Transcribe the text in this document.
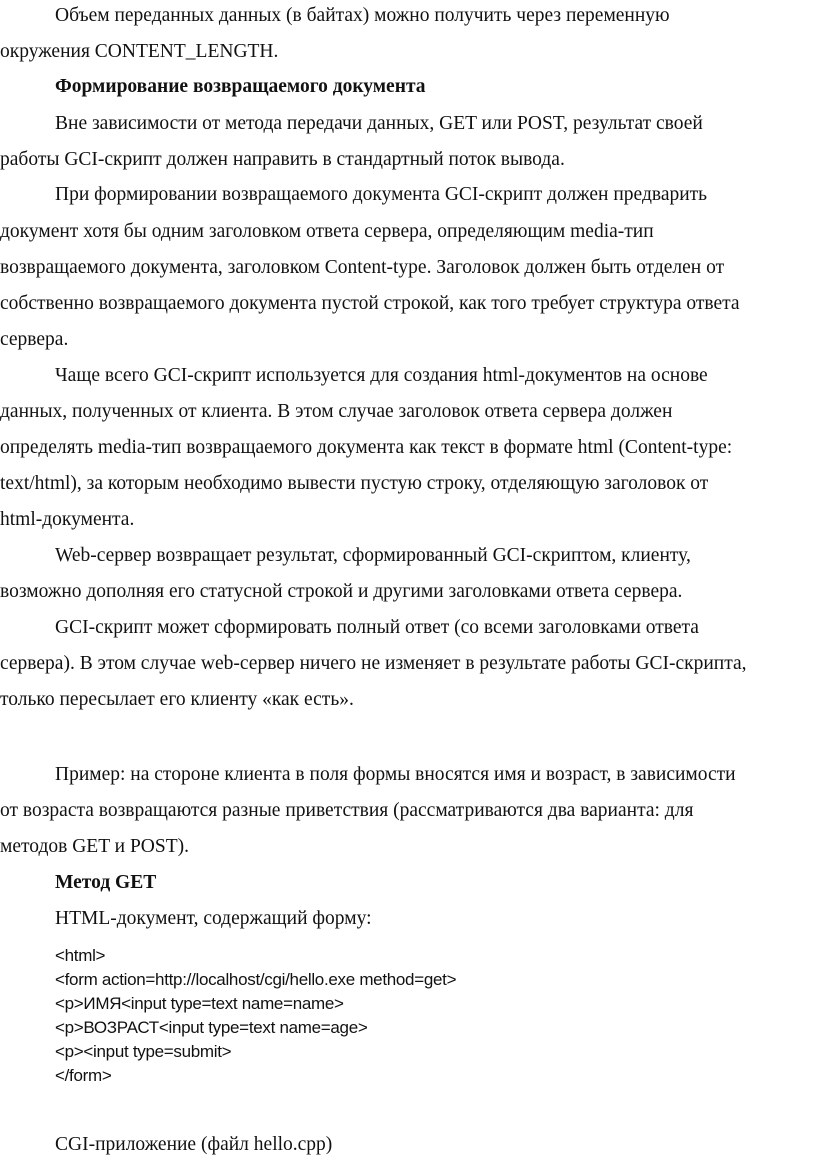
Объем переданных данных (в байтах) можно получить через переменную
окружения CONTENT_LENGTH.
Формирование возвращаемого документа
Вне зависимости от метода передачи данных, GET или POST, результат своей
работы GCI-скрипт должен направить в стандартный поток вывода.
При формировании возвращаемого документа GCI-скрипт должен предварить
документ хотя бы одним заголовком ответа сервера, определяющим media-тип
возвращаемого документа, заголовком Content-type. Заголовок должен быть отделен от
собственно возвращаемого документа пустой строкой, как того требует структура ответа
сервера.
Чаще всего GCI-скрипт используется для создания html-документов на основе
данных, полученных от клиента. В этом случае заголовок ответа сервера должен
определять media-тип возвращаемого документа как текст в формате html (Content-type:
text/html), за которым необходимо вывести пустую строку, отделяющую заголовок от
html-документа.
Web-сервер возвращает результат, сформированный GCI-скриптом, клиенту,
возможно дополняя его статусной строкой и другими заголовками ответа сервера.
GCI-скрипт может сформировать полный ответ (со всеми заголовками ответа
сервера). В этом случае web-сервер ничего не изменяет в результате работы GCI-скрипта,
только пересылает его клиенту «как есть».
Пример: на стороне клиента в поля формы вносятся имя и возраст, в зависимости
от возраста возвращаются разные приветствия (рассматриваются два варианта: для
методов GET и POST).
Метод GET
HTML-документ, содержащий форму:
<html>
<form action=http://localhost/cgi/hello.exe method=get>
<p>ИМЯ<input type=text name=name>
<p>ВОЗРАСТ<input type=text name=age>
<p><input type=submit>
</form>
CGI-приложение (файл hello.cpp)
